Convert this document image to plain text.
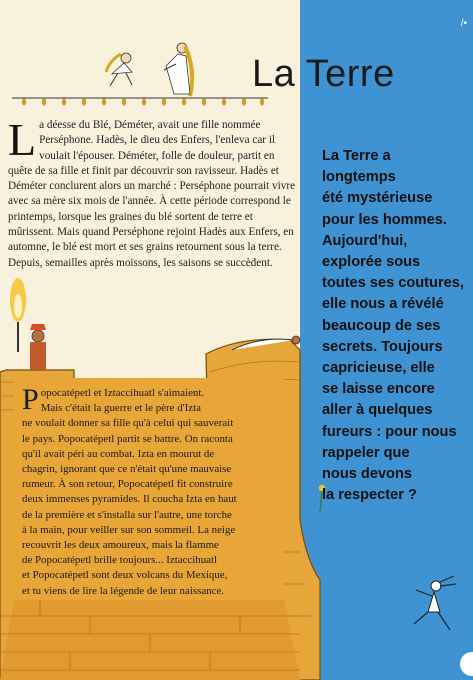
/•
La Terre
La déesse du Blé, Déméter, avait une fille nommée Perséphone. Hadès, le dieu des Enfers, l'enleva car il voulait l'épouser. Déméter, folle de douleur, partit en quête de sa fille et finit par découvrir son ravisseur. Hadès et Déméter conclurent alors un marché : Perséphone pourrait vivre avec sa mère six mois de l'année. À cette période correspond le printemps, lorsque les graines du blé sortent de terre et mûrissent. Mais quand Perséphone rejoint Hadès aux Enfers, en automne, le blé est mort et ses grains retournent sous la terre. Depuis, semailles après moissons, les saisons se succèdent.
La Terre a
longtemps
été mystérieuse
pour les hommes.
Aujourd'hui,
explorée sous
toutes ses coutures,
elle nous a révélé
beaucoup de ses
secrets. Toujours
capricieuse, elle
se laisse encore
aller à quelques
fureurs : pour nous
rappeler que
nous devons
la respecter ?
P opocatépetl et Iztaccihuatl s'aimaient.
Mais c'était la guerre et le père d'Izta
ne voulait donner sa fille qu'à celui qui sauverait
le pays. Popocatépetl partit se battre. On raconta
qu'il avait péri au combat. Izta en mourut de
chagrin, ignorant que ce n'était qu'une mauvaise
rumeur. À son retour, Popocatépetl fit construire
deux immenses pyramides. Il coucha Izta en haut
de la première et s'installa sur l'autre, une torche
à la main, pour veiller sur son sommeil. La neige
recouvrit les deux amoureux, mais la flamme
de Popocatépetl brille toujours... Iztaccihuatl
et Popocatépetl sont deux volcans du Mexique,
et tu viens de lire la légende de leur naissance.
